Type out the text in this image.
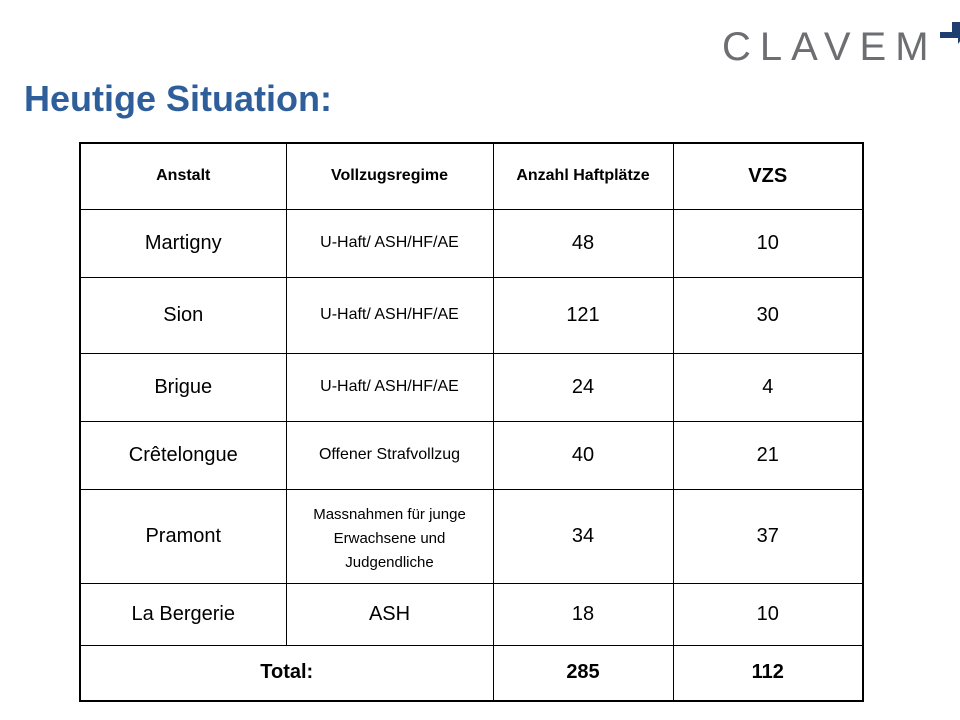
CLAVEM
Heutige Situation:
Anstalt	Vollzugsregime	Anzahl Haftplätze	VZS
Martigny	U-Haft/ ASH/HF/AE	48	10
Sion	U-Haft/ ASH/HF/AE	121	30
Brigue	U-Haft/ ASH/HF/AE	24	4
Crêtelongue	Offener Strafvollzug	40	21
Pramont	Massnahmen für junge Erwachsene und Judgendliche	34	37
La Bergerie	ASH	18	10
Total:		285	112
